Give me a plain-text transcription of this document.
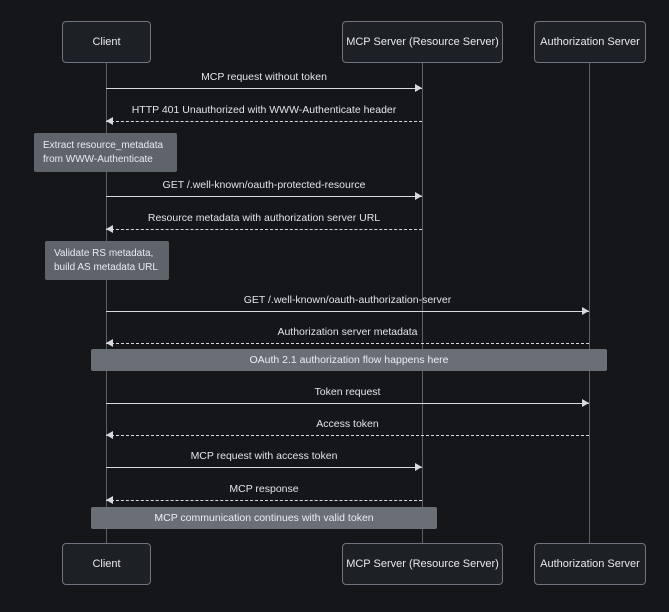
Client	MCP Server (Resource Server)	Authorization Server
MCP request without token
HTTP 401 Unauthorized with WWW-Authenticate header
Extract resource_metadata
from WWW-Authenticate
GET /.well-known/oauth-protected-resource
Resource metadata with authorization server URL
Validate RS metadata,
build AS metadata URL
GET /.well-known/oauth-authorization-server
Authorization server metadata
OAuth 2.1 authorization flow happens here
Token request
Access token
MCP request with access token
MCP response
MCP communication continues with valid token
Client	MCP Server (Resource Server)	Authorization Server
